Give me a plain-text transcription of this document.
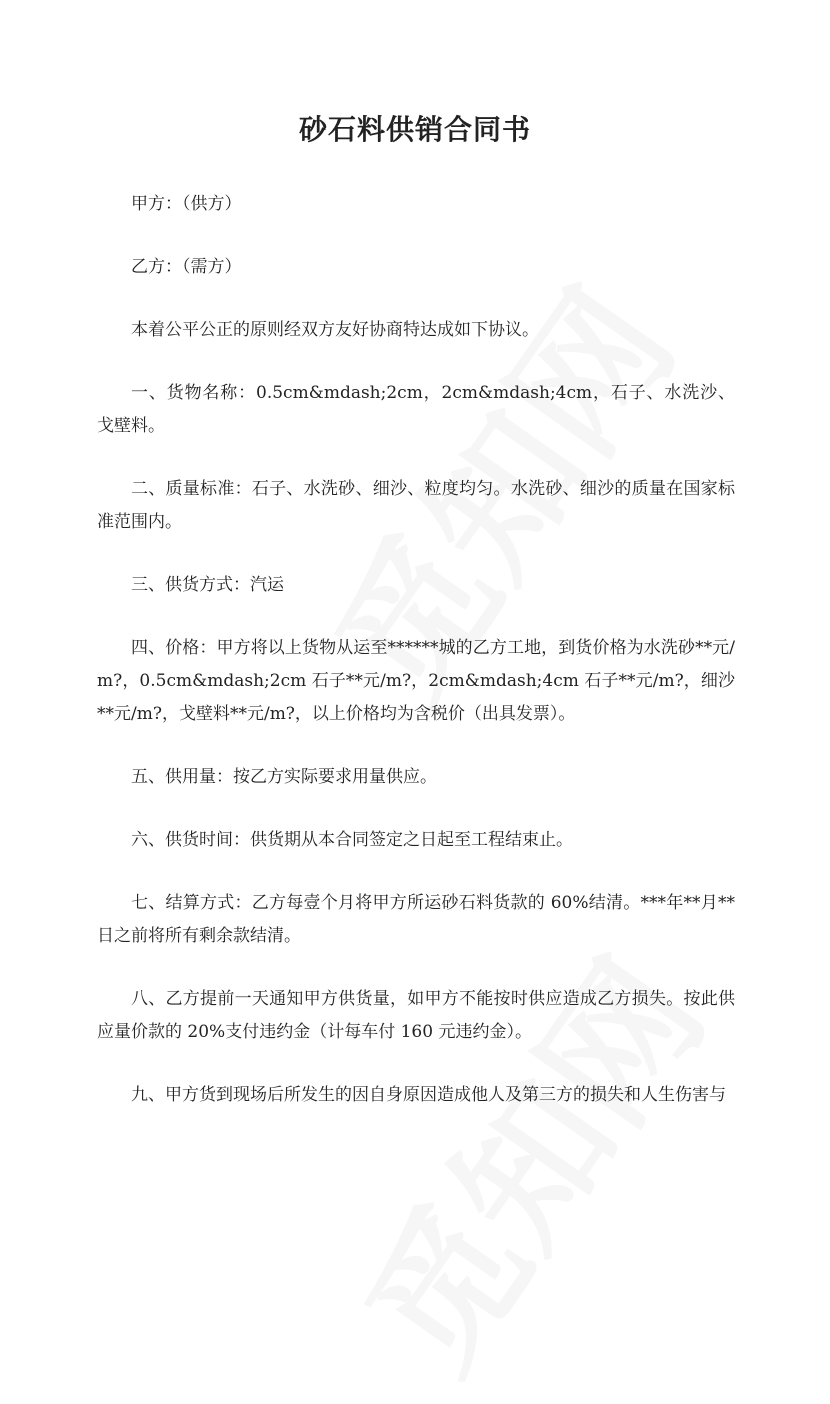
砂石料供销合同书

甲方：（供方）

乙方：（需方）

本着公平公正的原则经双方友好协商特达成如下协议。

一、货物名称：0.5cm&mdash;2cm，2cm&mdash;4cm，石子、水洗沙、戈壁料。

二、质量标准：石子、水洗砂、细沙、粒度均匀。水洗砂、细沙的质量在国家标准范围内。

三、供货方式：汽运

四、价格：甲方将以上货物从运至******城的乙方工地，到货价格为水洗砂**元/m?，0.5cm&mdash;2cm 石子**元/m?，2cm&mdash;4cm 石子**元/m?，细沙**元/m?，戈壁料**元/m?，以上价格均为含税价（出具发票）。

五、供用量：按乙方实际要求用量供应。

六、供货时间：供货期从本合同签定之日起至工程结束止。

七、结算方式：乙方每壹个月将甲方所运砂石料货款的 60%结清。***年**月**日之前将所有剩余款结清。

八、乙方提前一天通知甲方供货量，如甲方不能按时供应造成乙方损失。按此供应量价款的 20%支付违约金（计每车付 160 元违约金）。

九、甲方货到现场后所发生的因自身原因造成他人及第三方的损失和人生伤害与
